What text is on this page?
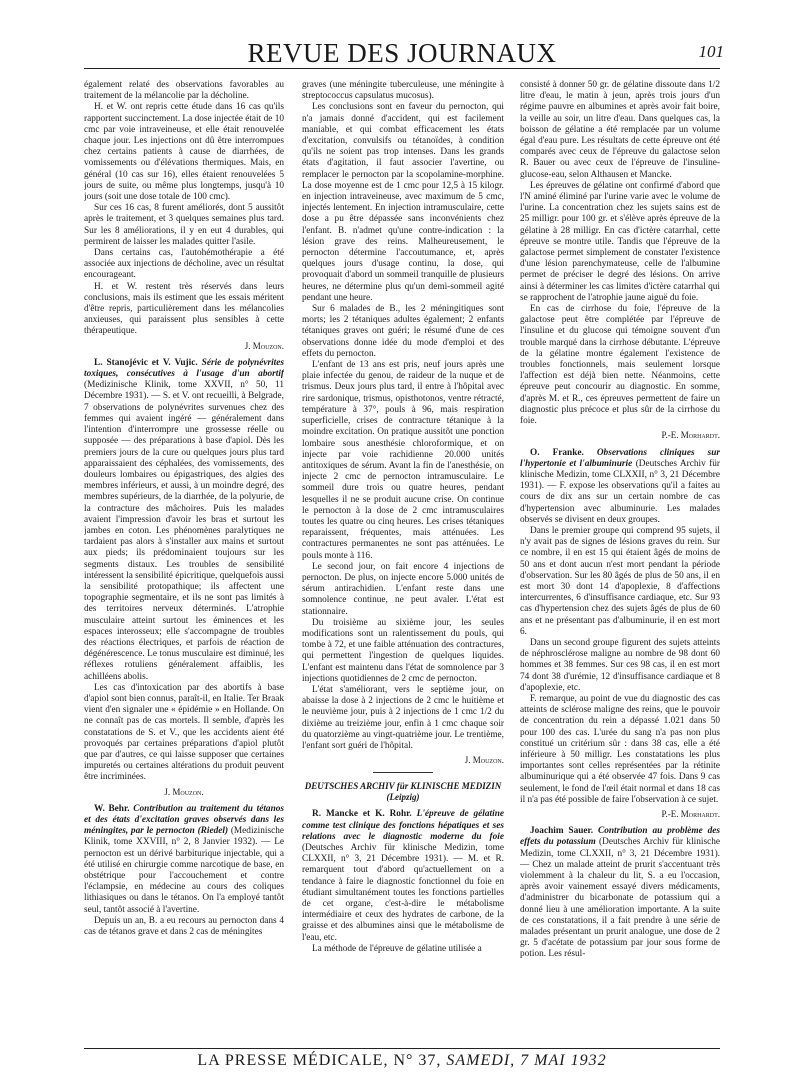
REVUE DES JOURNAUX	101

également relaté des observations favorables au traitement de la mélancolie par la décholine.

H. et W. ont repris cette étude dans 16 cas qu'ils rapportent succinctement. La dose injectée était de 10 cmc par voie intraveineuse, et elle était renouvelée chaque jour. Les injections ont dû être interrompues chez certains patients à cause de diarrhées, de vomissements ou d'élévations thermiques. Mais, en général (10 cas sur 16), elles étaient renouvelées 5 jours de suite, ou même plus longtemps, jusqu'à 10 jours (soit une dose totale de 100 cmc).

Sur ces 16 cas, 8 furent améliorés, dont 5 aussitôt après le traitement, et 3 quelques semaines plus tard. Sur les 8 améliorations, il y en eut 4 durables, qui permirent de laisser les malades quitter l'asile.

Dans certains cas, l'autohémothérapie a été associée aux injections de décholine, avec un résultat encourageant.

H. et W. restent très réservés dans leurs conclusions, mais ils estiment que les essais méritent d'être repris, particulièrement dans les mélancolies anxieuses, qui paraissent plus sensibles à cette thérapeutique.

J. Mouzon.

L. Stanojévic et V. Vujic. Série de polynévrites toxiques, consécutives à l'usage d'un abortif (Medizinische Klinik, tome XXVII, n° 50, 11 Décembre 1931). — S. et V. ont recueilli, à Belgrade, 7 observations de polynévrites survenues chez des femmes qui avaient ingéré — généralement dans l'intention d'interrompre une grossesse réelle ou supposée — des préparations à base d'apiol. Dès les premiers jours de la cure ou quelques jours plus tard apparaissaient des céphalées, des vomissements, des douleurs lombaires ou épigastriques, des algies des membres inférieurs, et aussi, à un moindre degré, des membres supérieurs, de la diarrhée, de la polyurie, de la contracture des mâchoires. Puis les malades avaient l'impression d'avoir les bras et surtout les jambes en coton. Les phénomènes paralytiques ne tardaient pas alors à s'installer aux mains et surtout aux pieds; ils prédominaient toujours sur les segments distaux. Les troubles de sensibilité intéressent la sensibilité épicritique, quelquefois aussi la sensibilité protopathique; ils affectent une topographie segmentaire, et ils ne sont pas limités à des territoires nerveux déterminés. L'atrophie musculaire atteint surtout les éminences et les espaces interosseux; elle s'accompagne de troubles des réactions électriques, et parfois de réaction de dégénérescence. Le tonus musculaire est diminué, les réflexes rotuliens généralement affaiblis, les achilléens abolis.

Les cas d'intoxication par des abortifs à base d'apiol sont bien connus, paraît-il, en Italie. Ter Braak vient d'en signaler une « épidémie » en Hollande. On ne connaît pas de cas mortels. Il semble, d'après les constatations de S. et V., que les accidents aient été provoqués par certaines préparations d'apiol plutôt que par d'autres, ce qui laisse supposer que certaines impuretés ou certaines altérations du produit peuvent être incriminées.

J. Mouzon.

W. Behr. Contribution au traitement du tétanos et des états d'excitation graves observés dans les méningites, par le pernocton (Riedel) (Medizinische Klinik, tome XXVIII, n° 2, 8 Janvier 1932). — Le pernocton est un dérivé barbiturique injectable, qui a été utilisé en chirurgie comme narcotique de base, en obstétrique pour l'accouchement et contre l'éclampsie, en médecine au cours des coliques lithiasiques ou dans le tétanos. On l'a employé tantôt seul, tantôt associé à l'avertine.

Depuis un an, B. a eu recours au pernocton dans 4 cas de tétanos grave et dans 2 cas de méningites

graves (une méningite tuberculeuse, une méningite à streptococcus capsulatus mucosus).

Les conclusions sont en faveur du pernocton, qui n'a jamais donné d'accident, qui est facilement maniable, et qui combat efficacement les états d'excitation, convulsifs ou tétanoïdes, à condition qu'ils ne soient pas trop intenses. Dans les grands états d'agitation, il faut associer l'avertine, ou remplacer le pernocton par la scopolamine-morphine. La dose moyenne est de 1 cmc pour 12,5 à 15 kilogr. en injection intraveineuse, avec maximum de 5 cmc, injectés lentement. En injection intramusculaire, cette dose a pu être dépassée sans inconvénients chez l'enfant. B. n'admet qu'une contre-indication : la lésion grave des reins. Malheureusement, le pernocton détermine l'accoutumance, et, après quelques jours d'usage continu, la dose, qui provoquait d'abord un sommeil tranquille de plusieurs heures, ne détermine plus qu'un demi-sommeil agité pendant une heure.

Sur 6 malades de B., les 2 méningitiques sont morts; les 2 tétaniques adultes également; 2 enfants tétaniques graves ont guéri; le résumé d'une de ces observations donne idée du mode d'emploi et des effets du pernocton.

L'enfant de 13 ans est pris, neuf jours après une plaie infectée du genou, de raideur de la nuque et de trismus. Deux jours plus tard, il entre à l'hôpital avec rire sardonique, trismus, opisthotonos, ventre rétracté, température à 37°, pouls à 96, mais respiration superficielle, crises de contracture tétanique à la moindre excitation. On pratique aussitôt une ponction lombaire sous anesthésie chloroformique, et on injecte par voie rachidienne 20.000 unités antitoxiques de sérum. Avant la fin de l'anesthésie, on injecte 2 cmc de pernocton intramusculaire. Le sommeil dure trois ou quatre heures, pendant lesquelles il ne se produit aucune crise. On continue le pernocton à la dose de 2 cmc intramusculaires toutes les quatre ou cinq heures. Les crises tétaniques reparaissent, fréquentes, mais atténuées. Les contractures permanentes ne sont pas atténuées. Le pouls monte à 116.

Le second jour, on fait encore 4 injections de pernocton. De plus, on injecte encore 5.000 unités de sérum antirachidien. L'enfant reste dans une somnolence continue, ne peut avaler. L'état est stationnaire.

Du troisième au sixième jour, les seules modifications sont un ralentissement du pouls, qui tombe à 72, et une faible atténuation des contractures, qui permettent l'ingestion de quelques liquides. L'enfant est maintenu dans l'état de somnolence par 3 injections quotidiennes de 2 cmc de pernocton.

L'état s'améliorant, vers le septième jour, on abaisse la dose à 2 injections de 2 cmc le huitième et le neuvième jour, puis à 2 injections de 1 cmc 1/2 du dixième au treizième jour, enfin à 1 cmc chaque soir du quatorzième au vingt-quatrième jour. Le trentième, l'enfant sort guéri de l'hôpital.

J. Mouzon.
DEUTSCHES ARCHIV für KLINISCHE MEDIZIN (Leipzig)

R. Mancke et K. Rohr. L'épreuve de gélatine comme test clinique des fonctions hépatiques et ses relations avec le diagnostic moderne du foie (Deutsches Archiv für klinische Medizin, tome CLXXII, n° 3, 21 Décembre 1931). — M. et R. remarquent tout d'abord qu'actuellement on a tendance à faire le diagnostic fonctionnel du foie en étudiant simultanément toutes les fonctions partielles de cet organe, c'est-à-dire le métabolisme intermédiaire et ceux des hydrates de carbone, de la graisse et des albumines ainsi que le métabolisme de l'eau, etc.

La méthode de l'épreuve de gélatine utilisée a

consisté à donner 50 gr. de gélatine dissoute dans 1/2 litre d'eau, le matin à jeun, après trois jours d'un régime pauvre en albumines et après avoir fait boire, la veille au soir, un litre d'eau. Dans quelques cas, la boisson de gélatine a été remplacée par un volume égal d'eau pure. Les résultats de cette épreuve ont été comparés avec ceux de l'épreuve du galactose selon R. Bauer ou avec ceux de l'épreuve de l'insuline-glucose-eau, selon Althausen et Mancke.

Les épreuves de gélatine ont confirmé d'abord que l'N aminé éliminé par l'urine varie avec le volume de l'urine. La concentration chez les sujets sains est de 25 milligr. pour 100 gr. et s'élève après épreuve de la gélatine à 28 milligr. En cas d'ictère catarrhal, cette épreuve se montre utile. Tandis que l'épreuve de la galactose permet simplement de constater l'existence d'une lésion parenchymateuse, celle de l'albumine permet de préciser le degré des lésions. On arrive ainsi à déterminer les cas limites d'ictère catarrhal qui se rapprochent de l'atrophie jaune aiguë du foie.

En cas de cirrhose du foie, l'épreuve de la galactose peut être complétée par l'épreuve de l'insuline et du glucose qui témoigne souvent d'un trouble marqué dans la cirrhose débutante. L'épreuve de la gélatine montre également l'existence de troubles fonctionnels, mais seulement lorsque l'affection est déjà bien nette. Néanmoins, cette épreuve peut concourir au diagnostic. En somme, d'après M. et R., ces épreuves permettent de faire un diagnostic plus précoce et plus sûr de la cirrhose du foie.

P.-E. Morhardt.

O. Franke. Observations cliniques sur l'hypertonie et l'albuminurie (Deutsches Archiv für klinische Medizin, tome CLXXII, n° 3, 21 Décembre 1931). — F. expose les observations qu'il a faites au cours de dix ans sur un certain nombre de cas d'hypertension avec albuminurie. Les malades observés se divisent en deux groupes.

Dans le premier groupe qui comprend 95 sujets, il n'y avait pas de signes de lésions graves du rein. Sur ce nombre, il en est 15 qui étaient âgés de moins de 50 ans et dont aucun n'est mort pendant la période d'observation. Sur les 80 âgés de plus de 50 ans, il en est mort 30 dont 14 d'apoplexie, 8 d'affections intercurrentes, 6 d'insuffisance cardiaque, etc. Sur 93 cas d'hypertension chez des sujets âgés de plus de 60 ans et ne présentant pas d'albuminurie, il en est mort 6.

Dans un second groupe figurent des sujets atteints de néphrosclérose maligne au nombre de 98 dont 60 hommes et 38 femmes. Sur ces 98 cas, il en est mort 74 dont 38 d'urémie, 12 d'insuffisance cardiaque et 8 d'apoplexie, etc.

F. remarque, au point de vue du diagnostic des cas atteints de sclérose maligne des reins, que le pouvoir de concentration du rein a dépassé 1.021 dans 50 pour 100 des cas. L'urée du sang n'a pas non plus constitué un critérium sûr : dans 38 cas, elle a été inférieure à 50 milligr. Les constatations les plus importantes sont celles représentées par la rétinite albuminurique qui a été observée 47 fois. Dans 9 cas seulement, le fond de l'œil était normal et dans 18 cas il n'a pas été possible de faire l'observation à ce sujet.

P.-E. Morhardt.

Joachim Sauer. Contribution au problème des effets du potassium (Deutsches Archiv für klinische Medizin, tome CLXXII, n° 3, 21 Décembre 1931). — Chez un malade atteint de prurit s'accentuant très violemment à la chaleur du lit, S. a eu l'occasion, après avoir vainement essayé divers médicaments, d'administrer du bicarbonate de potassium qui a donné lieu à une amélioration importante. A la suite de ces constatations, il a fait prendre à une série de malades présentant un prurit analogue, une dose de 2 gr. 5 d'acétate de potassium par jour sous forme de potion. Les résul-

LA PRESSE MÉDICALE, N° 37, SAMEDI, 7 MAI 1932
